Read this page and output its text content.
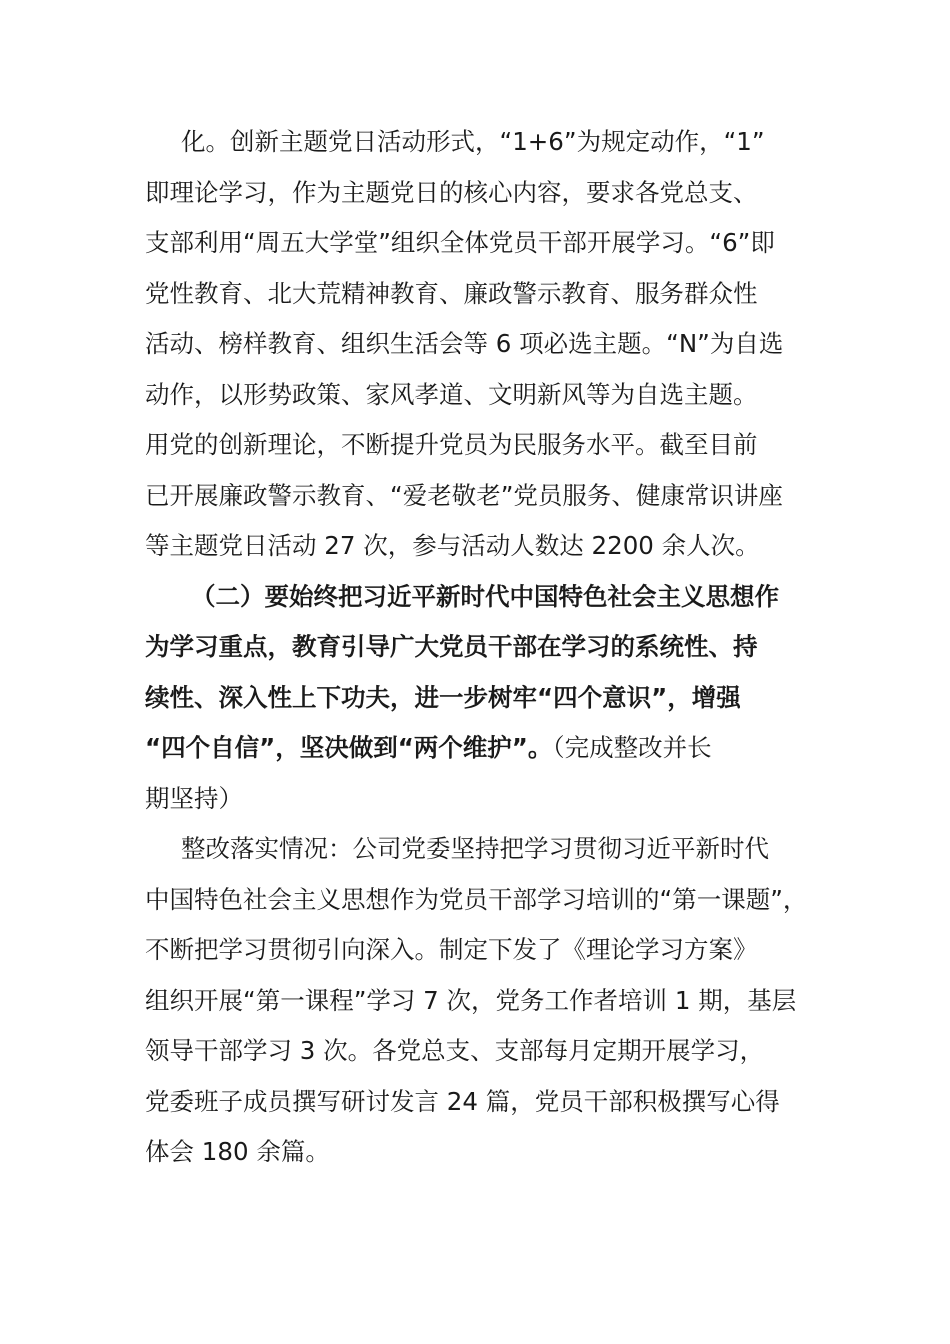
化。创新主题党日活动形式，“1+6”为规定动作，“1”
即理论学习，作为主题党日的核心内容，要求各党总支、
支部利用“周五大学堂”组织全体党员干部开展学习。“6”即
党性教育、北大荒精神教育、廉政警示教育、服务群众性
活动、榜样教育、组织生活会等 6 项必选主题。“N”为自选
动作，以形势政策、家风孝道、文明新风等为自选主题。
用党的创新理论，不断提升党员为民服务水平。截至目前
已开展廉政警示教育、“爱老敬老”党员服务、健康常识讲座
等主题党日活动 27 次，参与活动人数达 2200 余人次。
（二）要始终把习近平新时代中国特色社会主义思想作
为学习重点，教育引导广大党员干部在学习的系统性、持
续性、深入性上下功夫，进一步树牢“四个意识”，增强
“四个自信”，坚决做到“两个维护”。（完成整改并长
期坚持）
整改落实情况：公司党委坚持把学习贯彻习近平新时代
中国特色社会主义思想作为党员干部学习培训的“第一课题”，
不断把学习贯彻引向深入。制定下发了《理论学习方案》
组织开展“第一课程”学习 7 次，党务工作者培训 1 期，基层
领导干部学习 3 次。各党总支、支部每月定期开展学习，
党委班子成员撰写研讨发言 24 篇，党员干部积极撰写心得
体会 180 余篇。
